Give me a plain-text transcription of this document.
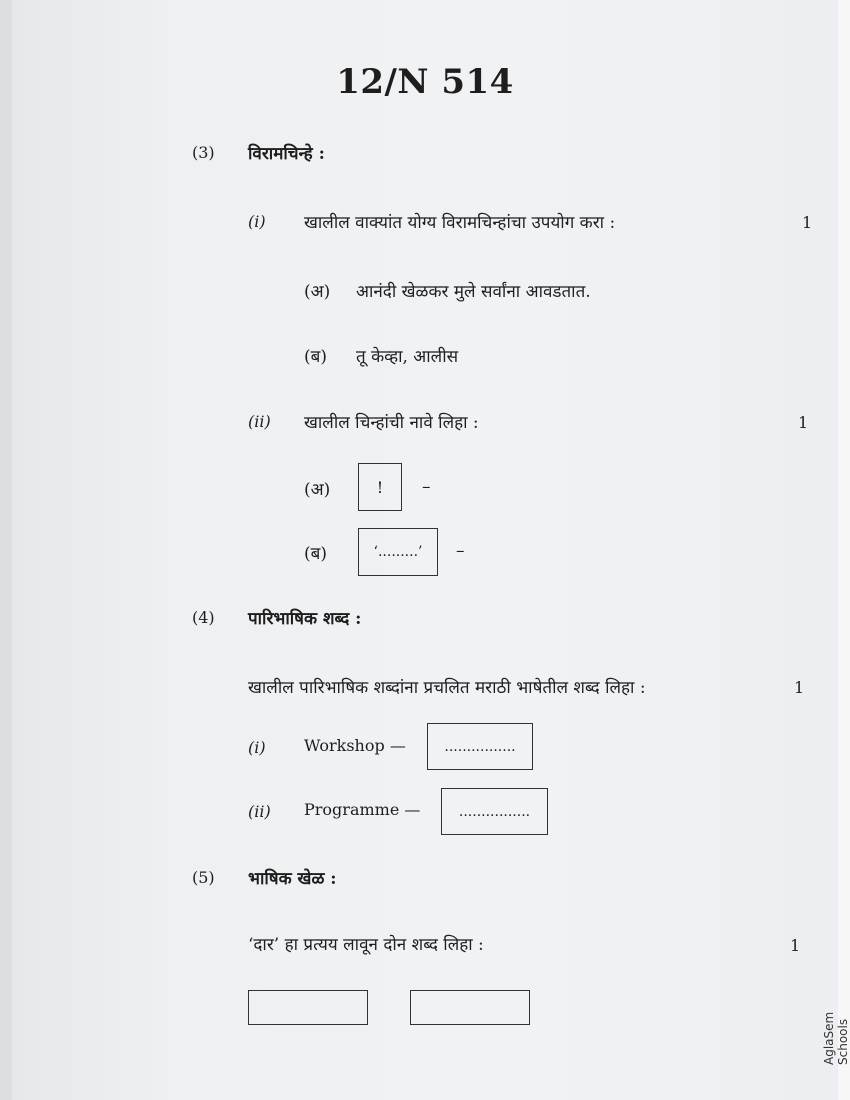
12/N 514
(3) विरामचिन्हे :
(i) खालील वाक्यांत योग्य विरामचिन्हांचा उपयोग करा :	1
(अ) आनंदी खेळकर मुले सर्वांना आवडतात.
(ब) तू केव्हा, आलीस
(ii) खालील चिन्हांची नावे लिहा :	1
(अ)	!	–
(ब)	‘.........’	–
(4) पारिभाषिक शब्द :
खालील पारिभाषिक शब्दांना प्रचलित मराठी भाषेतील शब्द लिहा :	1
(i) Workshop —	................
(ii) Programme —	................
(5) भाषिक खेळ :
‘दार’ हा प्रत्यय लावून दोन शब्द लिहा :	1
AglaSem Schools
